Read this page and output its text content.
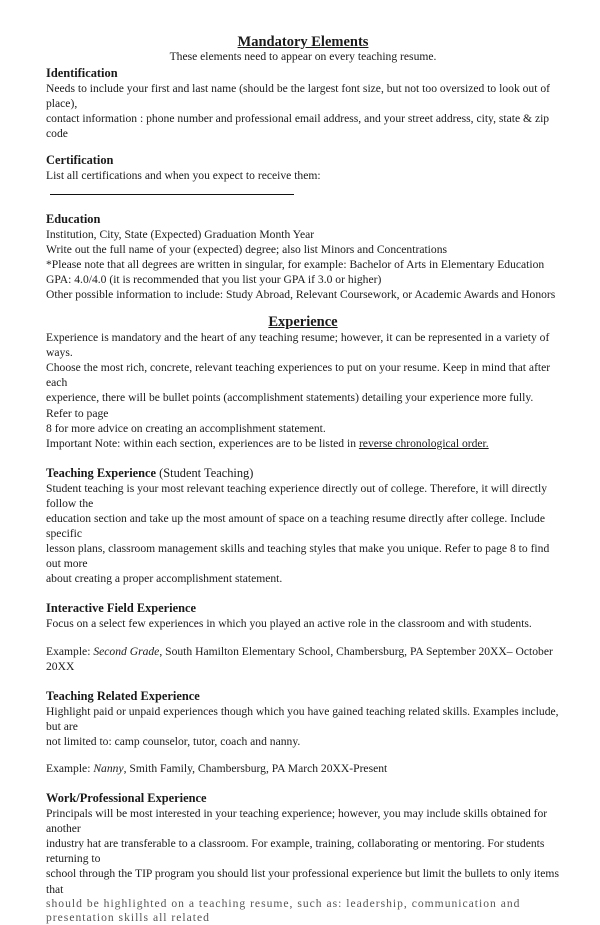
Mandatory Elements
These elements need to appear on every teaching resume.
Identification
Needs to include your first and last name (should be the largest font size, but not too oversized to look out of place),
contact information : phone number and professional email address, and your street address, city, state & zip code
Certification
List all certifications and when you expect to receive them:
Education
Institution, City, State (Expected) Graduation Month Year
Write out the full name of your (expected) degree; also list Minors and Concentrations
*Please note that all degrees are written in singular, for example: Bachelor of Arts in Elementary Education
GPA: 4.0/4.0 (it is recommended that you list your GPA if 3.0 or higher)
Other possible information to include: Study Abroad, Relevant Coursework, or Academic Awards and Honors
Experience
Experience is mandatory and the heart of any teaching resume; however, it can be represented in a variety of ways.
Choose the most rich, concrete, relevant teaching experiences to put on your resume. Keep in mind that after each
experience, there will be bullet points (accomplishment statements) detailing your experience more fully. Refer to page
8 for more advice on creating an accomplishment statement.
Important Note: within each section, experiences are to be listed in reverse chronological order.
Teaching Experience (Student Teaching)
Student teaching is your most relevant teaching experience directly out of college. Therefore, it will directly follow the
education section and take up the most amount of space on a teaching resume directly after college. Include specific
lesson plans, classroom management skills and teaching styles that make you unique. Refer to page 8 to find out more
about creating a proper accomplishment statement.
Interactive Field Experience
Focus on a select few experiences in which you played an active role in the classroom and with students.
Example: Second Grade, South Hamilton Elementary School, Chambersburg, PA September 20XX– October 20XX
Teaching Related Experience
Highlight paid or unpaid experiences though which you have gained teaching related skills. Examples include, but are
not limited to: camp counselor, tutor, coach and nanny.
Example: Nanny, Smith Family, Chambersburg, PA March 20XX-Present
Work/Professional Experience
Principals will be most interested in your teaching experience; however, you may include skills obtained for another
industry hat are transferable to a classroom. For example, training, collaborating or mentoring. For students returning to
school through the TIP program you should list your professional experience but limit the bullets to only items that
should be highlighted on a teaching resume, such as: leadership, communication and presentation skills all related
